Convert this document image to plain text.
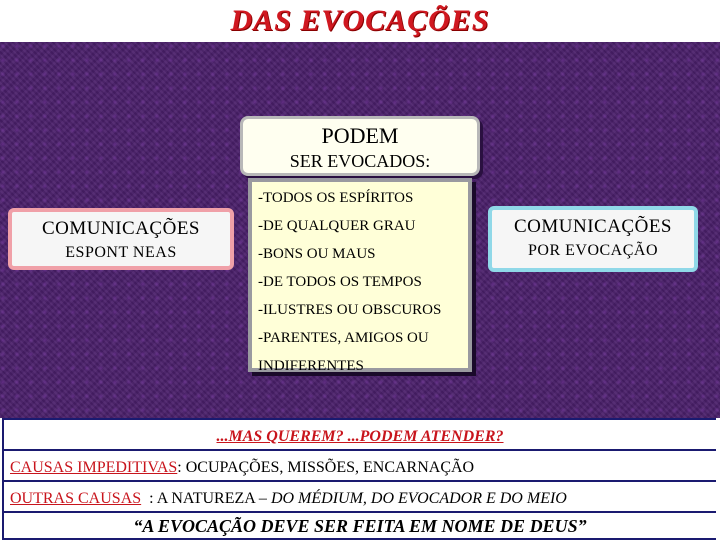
DAS EVOCAÇÕES
PODEM
SER EVOCADOS:
-TODOS OS ESPÍRITOS
-DE QUALQUER GRAU
-BONS OU MAUS
-DE TODOS OS TEMPOS
-ILUSTRES OU OBSCUROS
-PARENTES, AMIGOS OU
INDIFERENTES
COMUNICAÇÕES
ESPONT NEAS
COMUNICAÇÕES
POR EVOCAÇÃO
...MAS QUEREM? ...PODEM ATENDER?
CAUSAS IMPEDITIVAS: OCUPAÇÕES, MISSÕES, ENCARNAÇÃO
OUTRAS CAUSAS  : A NATUREZA – DO MÉDIUM, DO EVOCADOR E DO MEIO
“A EVOCAÇÃO DEVE SER FEITA EM NOME DE DEUS”
